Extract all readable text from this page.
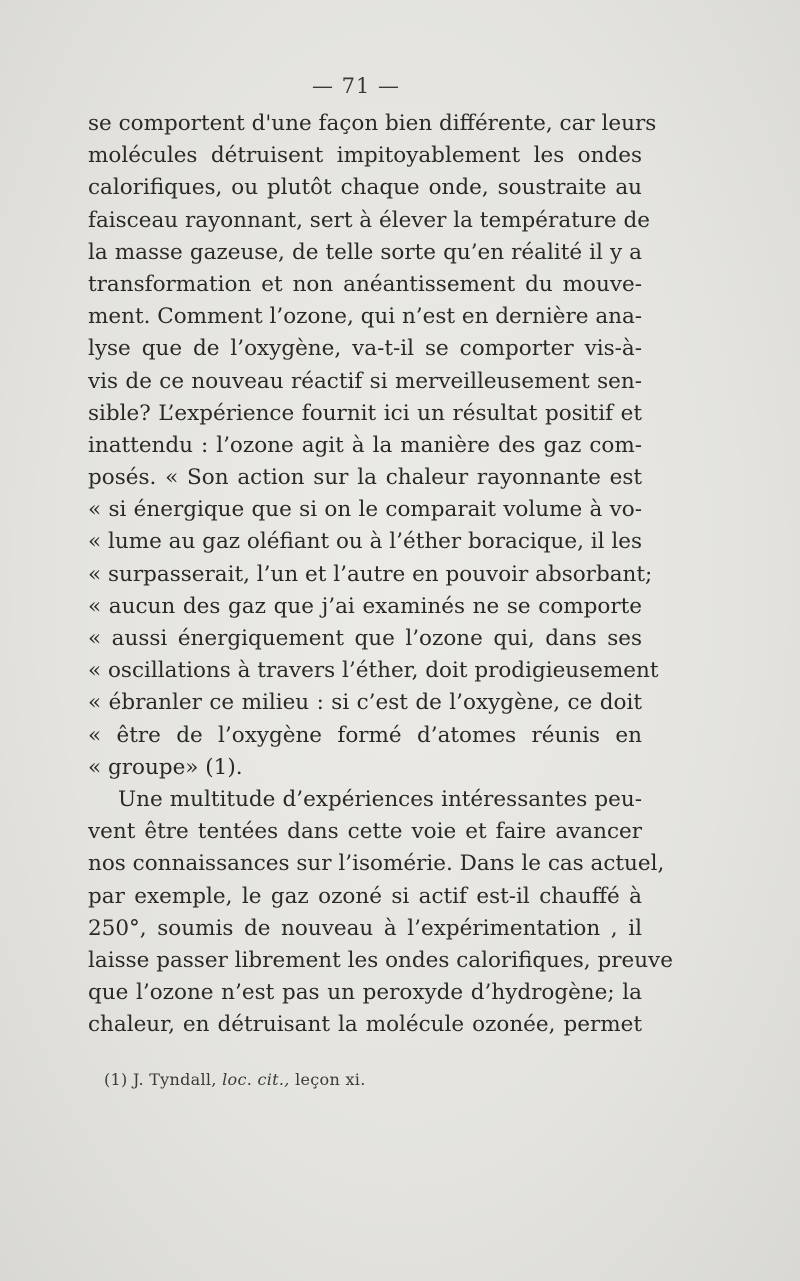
— 71 —
se comportent d'une façon bien différente, car leurs
molécules détruisent impitoyablement les ondes
calorifiques, ou plutôt chaque onde, soustraite au
faisceau rayonnant, sert à élever la température de
la masse gazeuse, de telle sorte qu’en réalité il y a
transformation et non anéantissement du mouve-
ment. Comment l’ozone, qui n’est en dernière ana-
lyse que de l’oxygène, va-t-il se comporter vis-à-
vis de ce nouveau réactif si merveilleusement sen-
sible? L’expérience fournit ici un résultat positif et
inattendu : l’ozone agit à la manière des gaz com-
posés. « Son action sur la chaleur rayonnante est
« si énergique que si on le comparait volume à vo-
« lume au gaz oléfiant ou à l’éther boracique, il les
« surpasserait, l’un et l’autre en pouvoir absorbant;
« aucun des gaz que j’ai examinés ne se comporte
« aussi énergiquement que l’ozone qui, dans ses
« oscillations à travers l’éther, doit prodigieusement
« ébranler ce milieu : si c’est de l’oxygène, ce doit
« être de l’oxygène formé d’atomes réunis en
« groupe» (1).
Une multitude d’expériences intéressantes peu-
vent être tentées dans cette voie et faire avancer
nos connaissances sur l’isomérie. Dans le cas actuel,
par exemple, le gaz ozoné si actif est-il chauffé à
250°, soumis de nouveau à l’expérimentation , il
laisse passer librement les ondes calorifiques, preuve
que l’ozone n’est pas un peroxyde d’hydrogène; la
chaleur, en détruisant la molécule ozonée, permet
(1) J. Tyndall, loc. cit., leçon xi.
